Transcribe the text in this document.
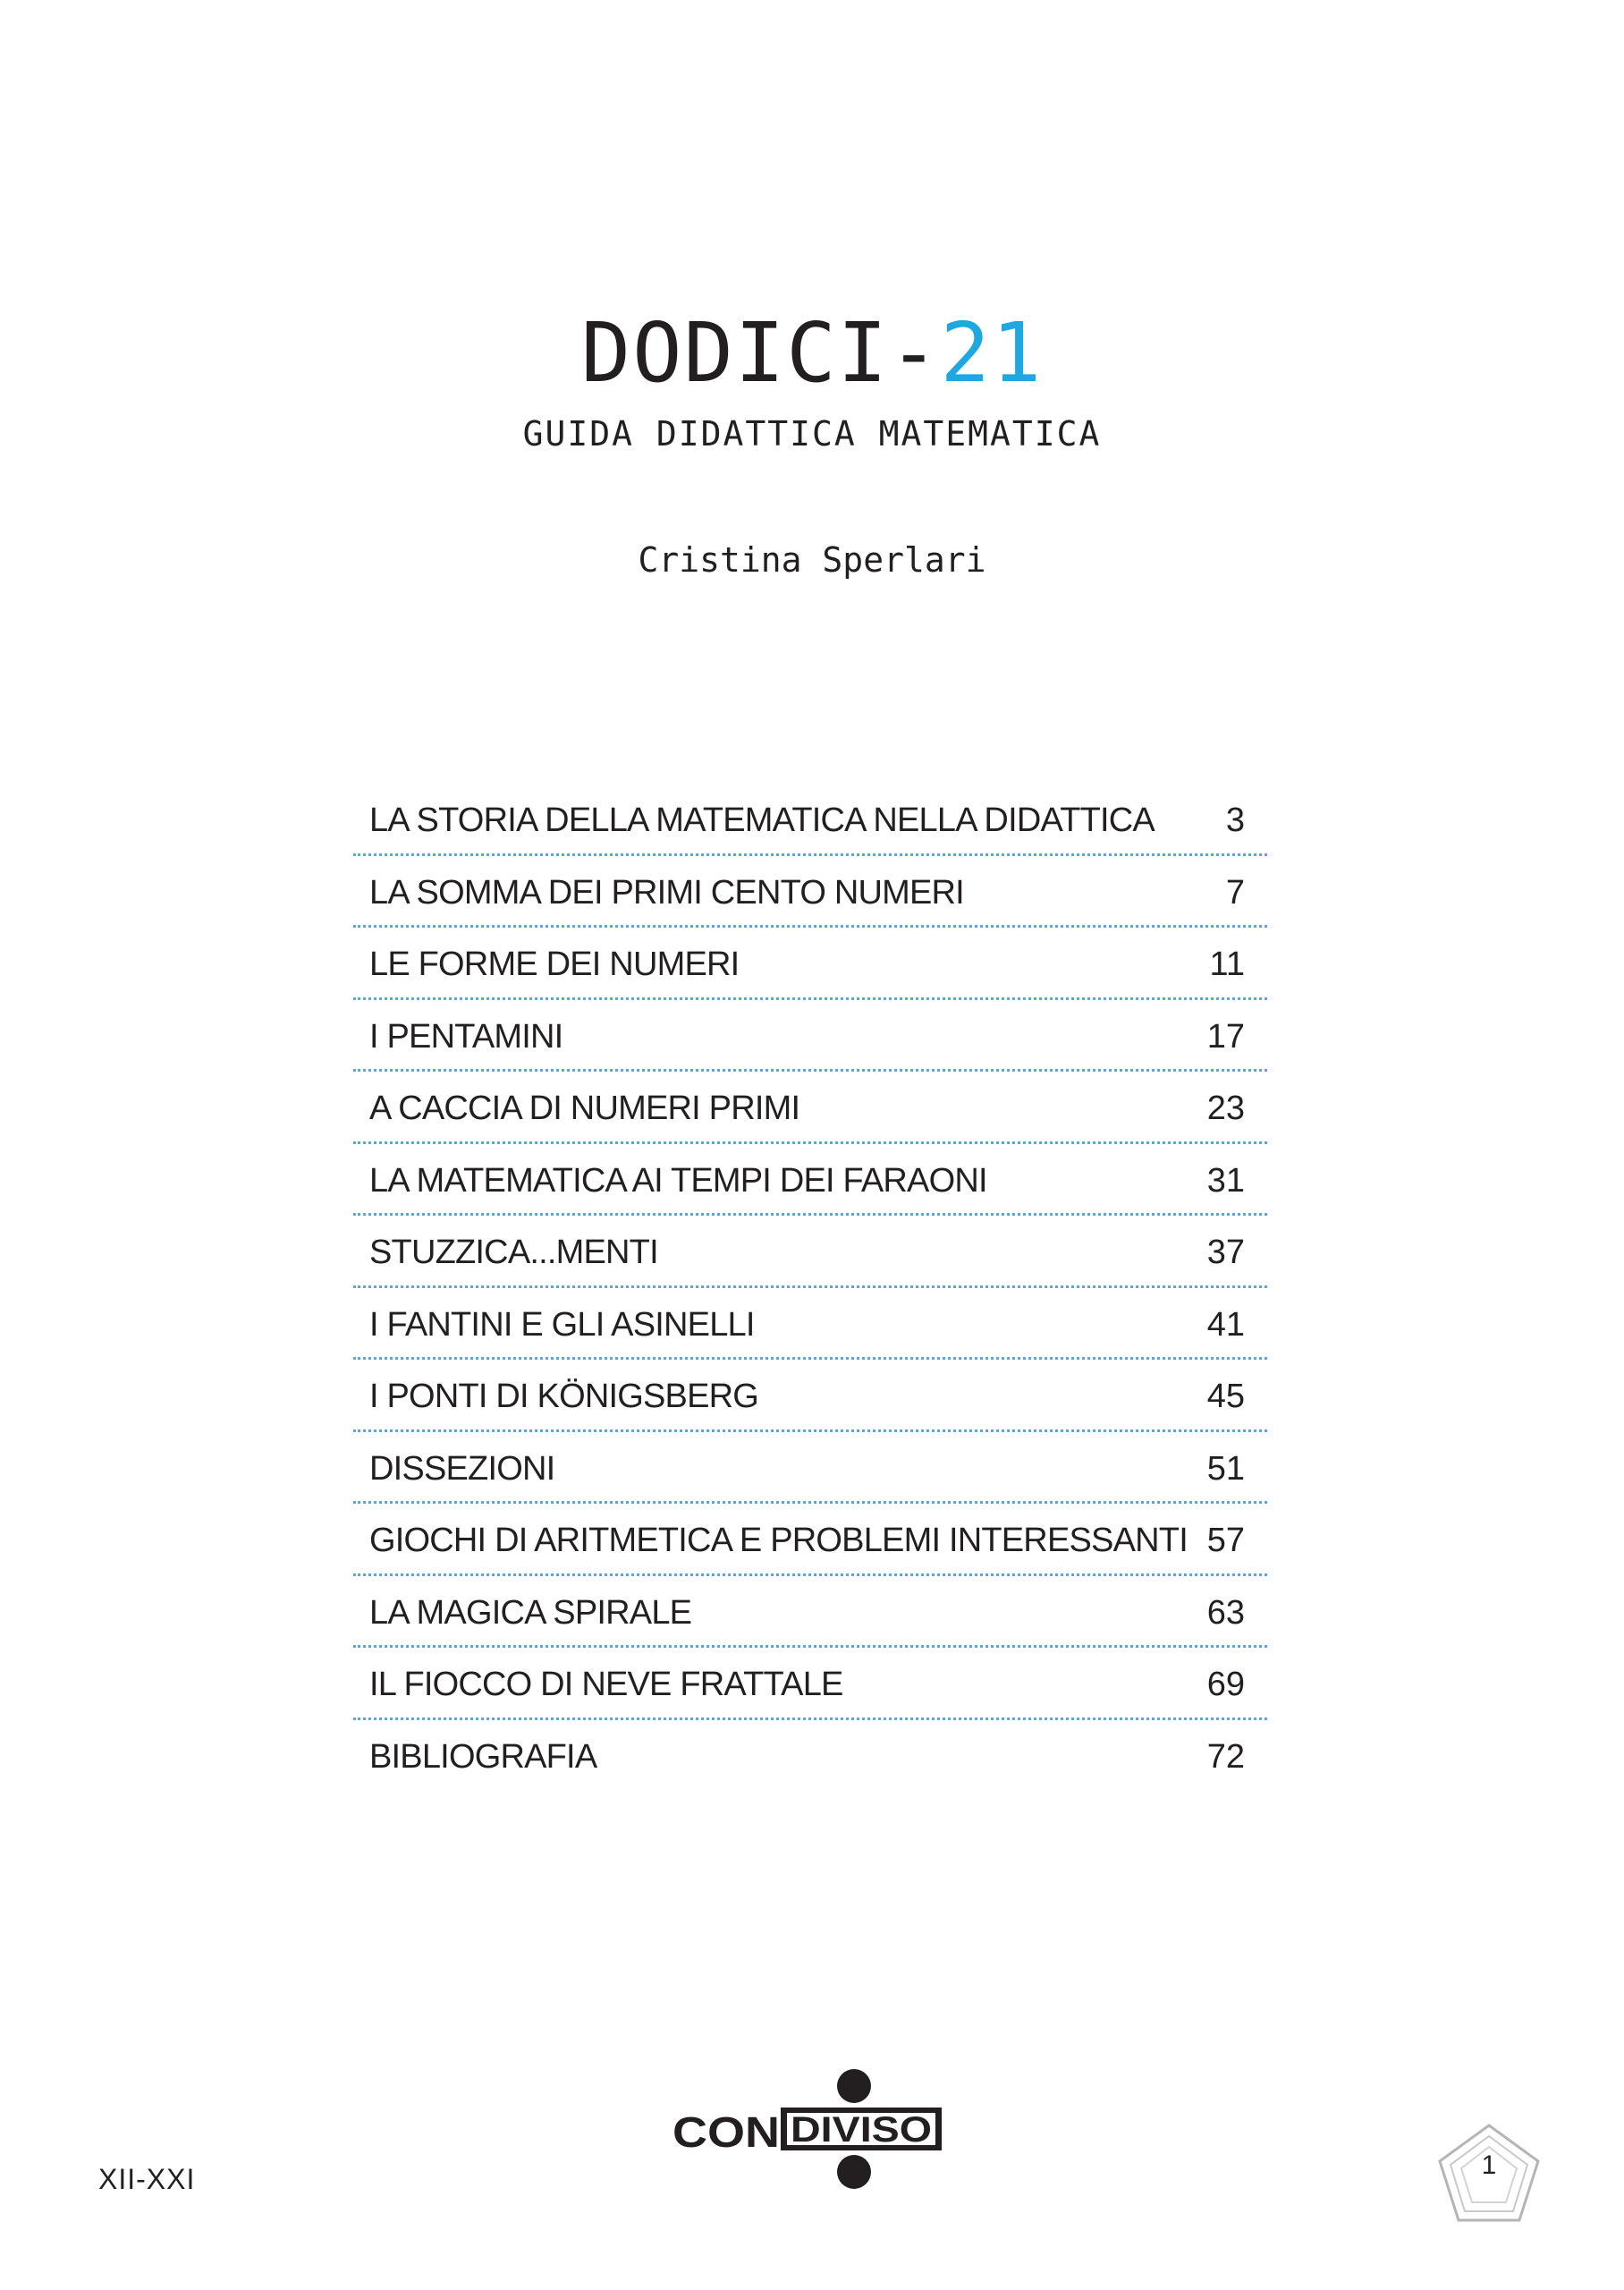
DODICI-21
GUIDA DIDATTICA MATEMATICA
Cristina Sperlari
LA STORIA DELLA MATEMATICA NELLA DIDATTICA 3
LA SOMMA DEI PRIMI CENTO NUMERI	7
LE FORME DEI NUMERI	11
I PENTAMINI	17
A CACCIA DI NUMERI PRIMI	23
LA MATEMATICA AI TEMPI DEI FARAONI	31
STUZZICA...MENTI	37
I FANTINI E GLI ASINELLI	41
I PONTI DI KÖNIGSBERG	45
DISSEZIONI	51
GIOCHI DI ARITMETICA E PROBLEMI INTERESSANTI 57
LA MAGICA SPIRALE	63
IL FIOCCO DI NEVE FRATTALE	69
BIBLIOGRAFIA	72
XII-XXI
CON DIVISO
1
